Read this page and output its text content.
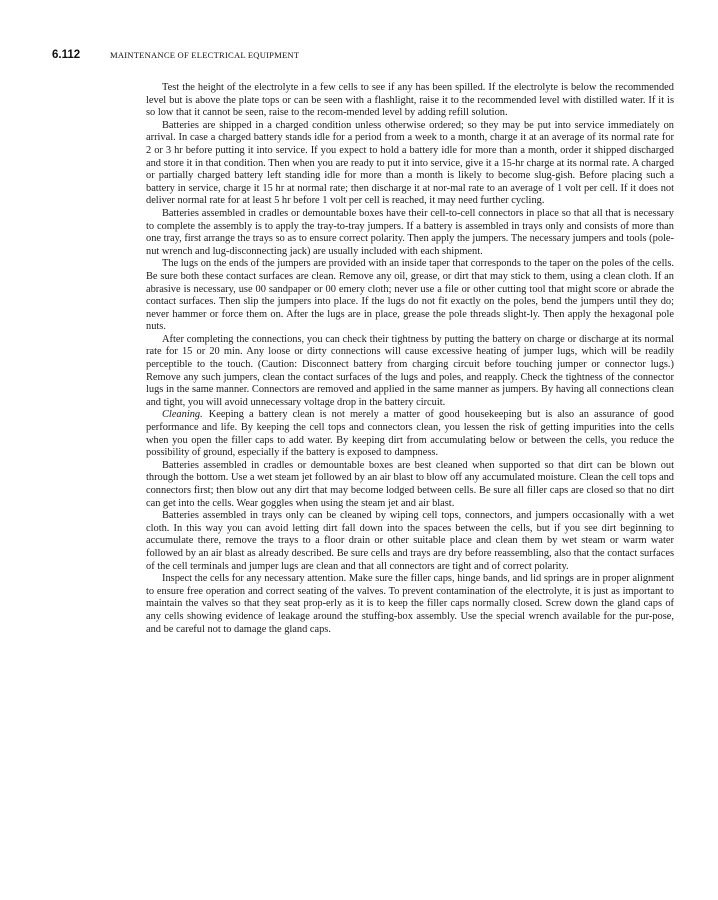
6.112	MAINTENANCE OF ELECTRICAL EQUIPMENT

Test the height of the electrolyte in a few cells to see if any has been spilled. If the electrolyte is below the recommended level but is above the plate tops or can be seen with a flashlight, raise it to the recommended level with distilled water. If it is so low that it cannot be seen, raise to the recom-mended level by adding refill solution.

Batteries are shipped in a charged condition unless otherwise ordered; so they may be put into service immediately on arrival. In case a charged battery stands idle for a period from a week to a month, charge it at an average of its normal rate for 2 or 3 hr before putting it into service. If you expect to hold a battery idle for more than a month, order it shipped discharged and store it in that condition. Then when you are ready to put it into service, give it a 15-hr charge at its normal rate. A charged or partially charged battery left standing idle for more than a month is likely to become slug-gish. Before placing such a battery in service, charge it 15 hr at normal rate; then discharge it at nor-mal rate to an average of 1 volt per cell. If it does not deliver normal rate for at least 5 hr before 1 volt per cell is reached, it may need further cycling.

Batteries assembled in cradles or demountable boxes have their cell-to-cell connectors in place so that all that is necessary to complete the assembly is to apply the tray-to-tray jumpers. If a battery is assembled in trays only and consists of more than one tray, first arrange the trays so as to ensure correct polarity. Then apply the jumpers. The necessary jumpers and tools (pole-nut wrench and lug-disconnecting jack) are usually included with each shipment.

The lugs on the ends of the jumpers are provided with an inside taper that corresponds to the taper on the poles of the cells. Be sure both these contact surfaces are clean. Remove any oil, grease, or dirt that may stick to them, using a clean cloth. If an abrasive is necessary, use 00 sandpaper or 00 emery cloth; never use a file or other cutting tool that might score or abrade the contact surfaces. Then slip the jumpers into place. If the lugs do not fit exactly on the poles, bend the jumpers until they do; never hammer or force them on. After the lugs are in place, grease the pole threads slight-ly. Then apply the hexagonal pole nuts.

After completing the connections, you can check their tightness by putting the battery on charge or discharge at its normal rate for 15 or 20 min. Any loose or dirty connections will cause excessive heating of jumper lugs, which will be readily perceptible to the touch. (Caution: Disconnect battery from charging circuit before touching jumper or connector lugs.) Remove any such jumpers, clean the contact surfaces of the lugs and poles, and reapply. Check the tightness of the connector lugs in the same manner. Connectors are removed and applied in the same manner as jumpers. By having all connections clean and tight, you will avoid unnecessary voltage drop in the battery circuit.

Cleaning. Keeping a battery clean is not merely a matter of good housekeeping but is also an assurance of good performance and life. By keeping the cell tops and connectors clean, you lessen the risk of getting impurities into the cells when you open the filler caps to add water. By keeping dirt from accumulating below or between the cells, you reduce the possibility of ground, especially if the battery is exposed to dampness.

Batteries assembled in cradles or demountable boxes are best cleaned when supported so that dirt can be blown out through the bottom. Use a wet steam jet followed by an air blast to blow off any accumulated moisture. Clean the cell tops and connectors first; then blow out any dirt that may become lodged between cells. Be sure all filler caps are closed so that no dirt can get into the cells. Wear goggles when using the steam jet and air blast.

Batteries assembled in trays only can be cleaned by wiping cell tops, connectors, and jumpers occasionally with a wet cloth. In this way you can avoid letting dirt fall down into the spaces between the cells, but if you see dirt beginning to accumulate there, remove the trays to a floor drain or other suitable place and clean them by wet steam or warm water followed by an air blast as already described. Be sure cells and trays are dry before reassembling, also that the contact surfaces of the cell terminals and jumper lugs are clean and that all connectors are tight and of correct polarity.

Inspect the cells for any necessary attention. Make sure the filler caps, hinge bands, and lid springs are in proper alignment to ensure free operation and correct seating of the valves. To prevent contamination of the electrolyte, it is just as important to maintain the valves so that they seat prop-erly as it is to keep the filler caps normally closed. Screw down the gland caps of any cells showing evidence of leakage around the stuffing-box assembly. Use the special wrench available for the pur-pose, and be careful not to damage the gland caps.
